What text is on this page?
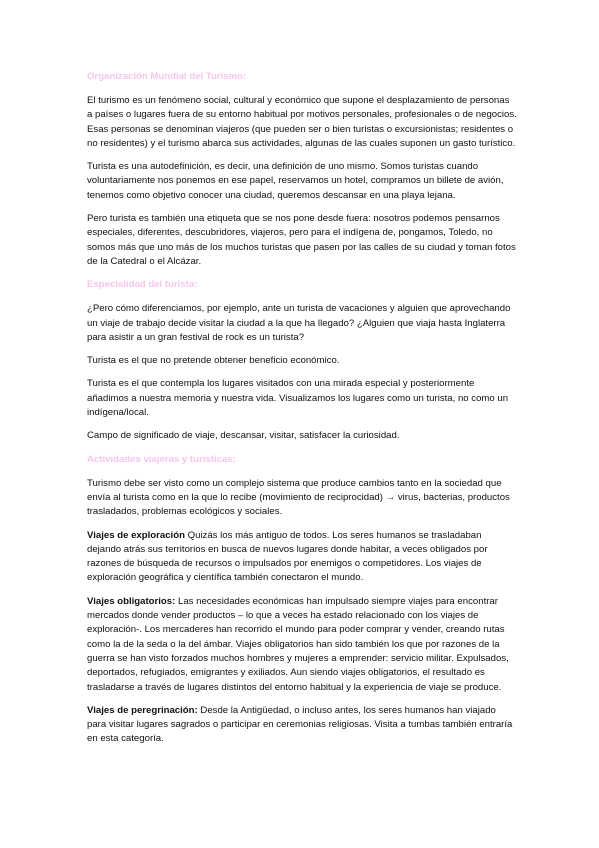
Organización Mundial del Turismo:

El turismo es un fenómeno social, cultural y económico que supone el desplazamiento de personas a países o lugares fuera de su entorno habitual por motivos personales, profesionales o de negocios. Esas personas se denominan viajeros (que pueden ser o bien turistas o excursionistas; residentes o no residentes) y el turismo abarca sus actividades, algunas de las cuales suponen un gasto turístico.

Turista es una autodefinición, es decir, una definición de uno mismo. Somos turistas cuando voluntariamente nos ponemos en ese papel, reservamos un hotel, compramos un billete de avión, tenemos como objetivo conocer una ciudad, queremos descansar en una playa lejana.

Pero turista es también una etiqueta que se nos pone desde fuera: nosotros podemos pensarnos especiales, diferentes, descubridores, viajeros, pero para el indígena de, pongamos, Toledo, no somos más que uno más de los muchos turistas que pasen por las calles de su ciudad y toman fotos de la Catedral o el Alcázar.

Especialidad del turista:

¿Pero cómo diferenciamos, por ejemplo, ante un turista de vacaciones y alguien que aprovechando un viaje de trabajo decide visitar la ciudad a la que ha llegado? ¿Alguien que viaja hasta Inglaterra para asistir a un gran festival de rock es un turista?

Turista es el que no pretende obtener beneficio económico.

Turista es el que contempla los lugares visitados con una mirada especial y posteriormente añadimos a nuestra memoria y nuestra vida. Visualizamos los lugares como un turista, no como un indígena/local.

Campo de significado de viaje, descansar, visitar, satisfacer la curiosidad.

Actividades viajeras y turísticas:

Turismo debe ser visto como un complejo sistema que produce cambios tanto en la sociedad que envía al turista como en la que lo recibe (movimiento de reciprocidad) → virus, bacterias, productos trasladados, problemas ecológicos y sociales.

Viajes de exploración Quizás los más antiguo de todos. Los seres humanos se trasladaban dejando atrás sus territorios en busca de nuevos lugares donde habitar, a veces obligados por razones de búsqueda de recursos o impulsados por enemigos o competidores. Los viajes de exploración geográfica y científica también conectaron el mundo.

Viajes obligatorios: Las necesidades económicas han impulsado siempre viajes para encontrar mercados donde vender productos – lo que a veces ha estado relacionado con los viajes de exploración-. Los mercaderes han recorrido el mundo para poder comprar y vender, creando rutas como la de la seda o la del ámbar. Viajes obligatorios han sido también los que por razones de la guerra se han visto forzados muchos hombres y mujeres a emprender: servicio militar. Expulsados, deportados, refugiados, emigrantes y exiliados. Aun siendo viajes obligatorios, el resultado es trasladarse a través de lugares distintos del entorno habitual y la experiencia de viaje se produce.

Viajes de peregrinación: Desde la Antigüedad, o incluso antes, los seres humanos han viajado para visitar lugares sagrados o participar en ceremonias religiosas. Visita a tumbas también entraría en esta categoría.
